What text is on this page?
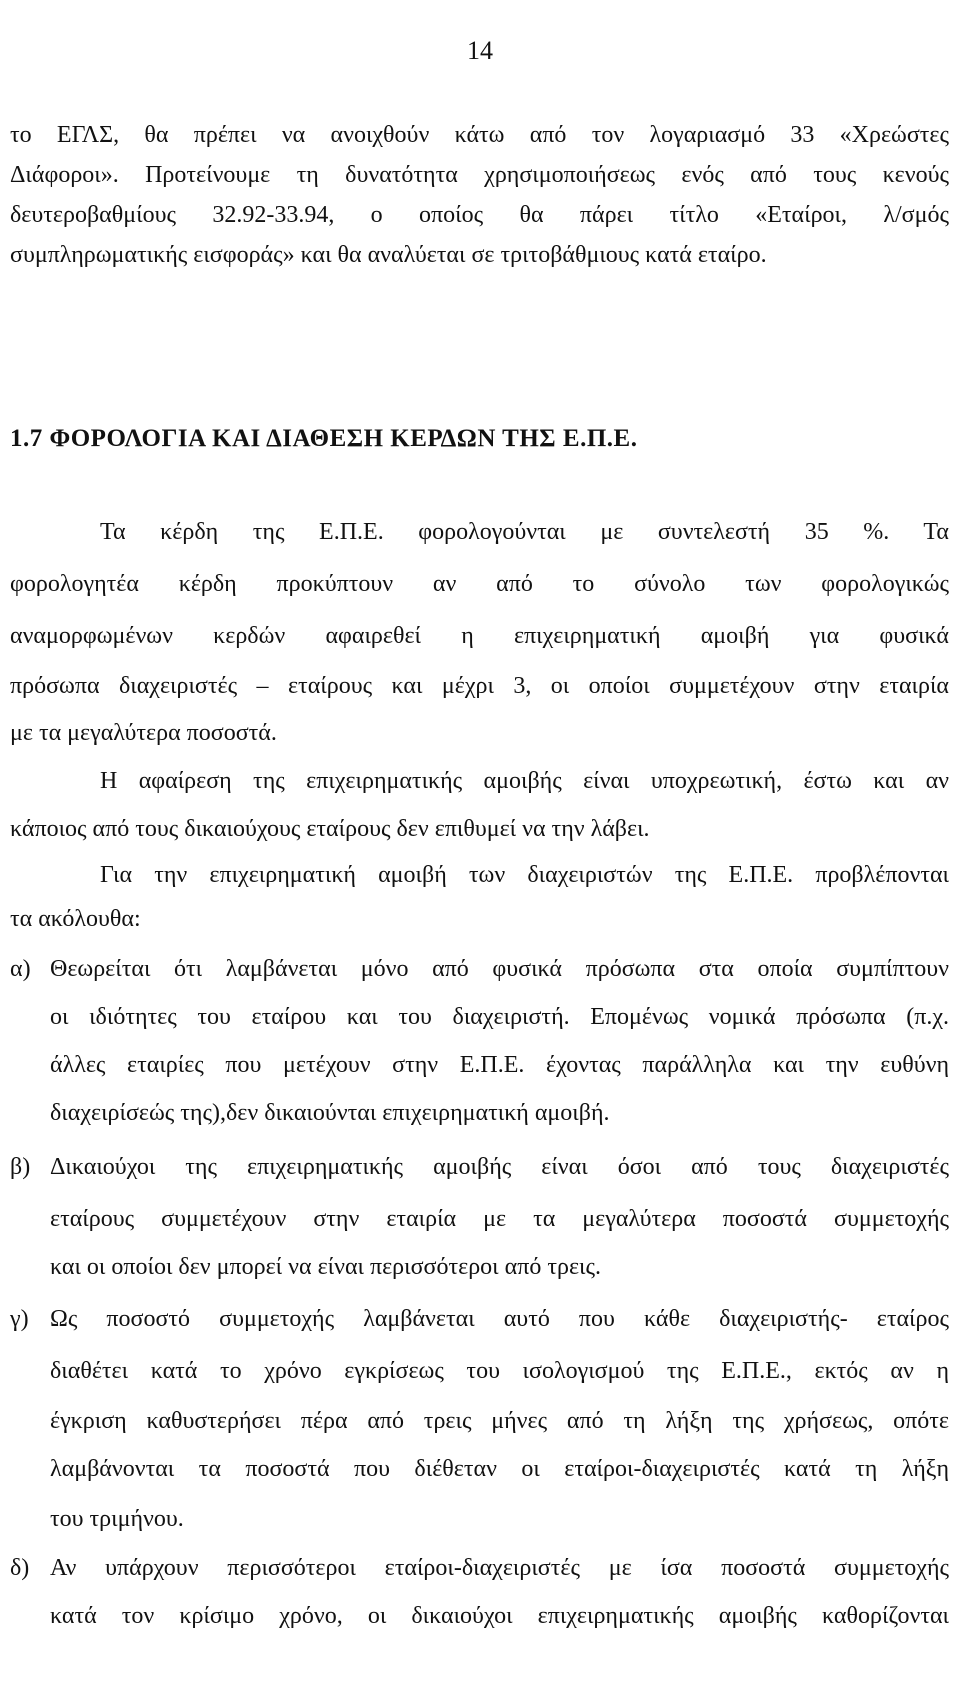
14
το ΕΓΛΣ, θα πρέπει να ανοιχθούν κάτω από τον λογαριασμό 33 «Χρεώστες
Διάφοροι». Προτείνουμε τη δυνατότητα χρησιμοποιήσεως ενός από τους κενούς
δευτεροβαθμίους 32.92-33.94, ο οποίος θα πάρει τίτλο «Εταίροι, λ/σμός
συμπληρωματικής εισφοράς» και θα αναλύεται σε τριτοβάθμιους κατά εταίρο.
1.7 ΦΟΡΟΛΟΓΙΑ ΚΑΙ ΔΙΑΘΕΣΗ ΚΕΡΔΩΝ ΤΗΣ Ε.Π.Ε.
Τα κέρδη της Ε.Π.Ε. φορολογούνται με συντελεστή 35 %. Τα
φορολογητέα κέρδη προκύπτουν αν από το σύνολο των φορολογικώς
αναμορφωμένων κερδών αφαιρεθεί η επιχειρηματική αμοιβή για φυσικά
πρόσωπα διαχειριστές – εταίρους και μέχρι 3, οι οποίοι συμμετέχουν στην εταιρία
με τα μεγαλύτερα ποσοστά.
Η αφαίρεση της επιχειρηματικής αμοιβής είναι υποχρεωτική, έστω και αν
κάποιος από τους δικαιούχους εταίρους δεν επιθυμεί να την λάβει.
Για την επιχειρηματική αμοιβή των διαχειριστών της Ε.Π.Ε. προβλέπονται
τα ακόλουθα:
α) Θεωρείται ότι λαμβάνεται μόνο από φυσικά πρόσωπα στα οποία συμπίπτουν
οι ιδιότητες του εταίρου και του διαχειριστή. Επομένως νομικά πρόσωπα (π.χ.
άλλες εταιρίες που μετέχουν στην Ε.Π.Ε. έχοντας παράλληλα και την ευθύνη
διαχειρίσεώς της),δεν δικαιούνται επιχειρηματική αμοιβή.
β) Δικαιούχοι της επιχειρηματικής αμοιβής είναι όσοι από τους διαχειριστές
εταίρους συμμετέχουν στην εταιρία με τα μεγαλύτερα ποσοστά συμμετοχής
και οι οποίοι δεν μπορεί να είναι περισσότεροι από τρεις.
γ) Ως ποσοστό συμμετοχής λαμβάνεται αυτό που κάθε διαχειριστής- εταίρος
διαθέτει κατά το χρόνο εγκρίσεως του ισολογισμού της Ε.Π.Ε., εκτός αν η
έγκριση καθυστερήσει πέρα από τρεις μήνες από τη λήξη της χρήσεως, οπότε
λαμβάνονται τα ποσοστά που διέθεταν οι εταίροι-διαχειριστές κατά τη λήξη
του τριμήνου.
δ) Αν υπάρχουν περισσότεροι εταίροι-διαχειριστές με ίσα ποσοστά συμμετοχής
κατά τον κρίσιμο χρόνο, οι δικαιούχοι επιχειρηματικής αμοιβής καθορίζονται
